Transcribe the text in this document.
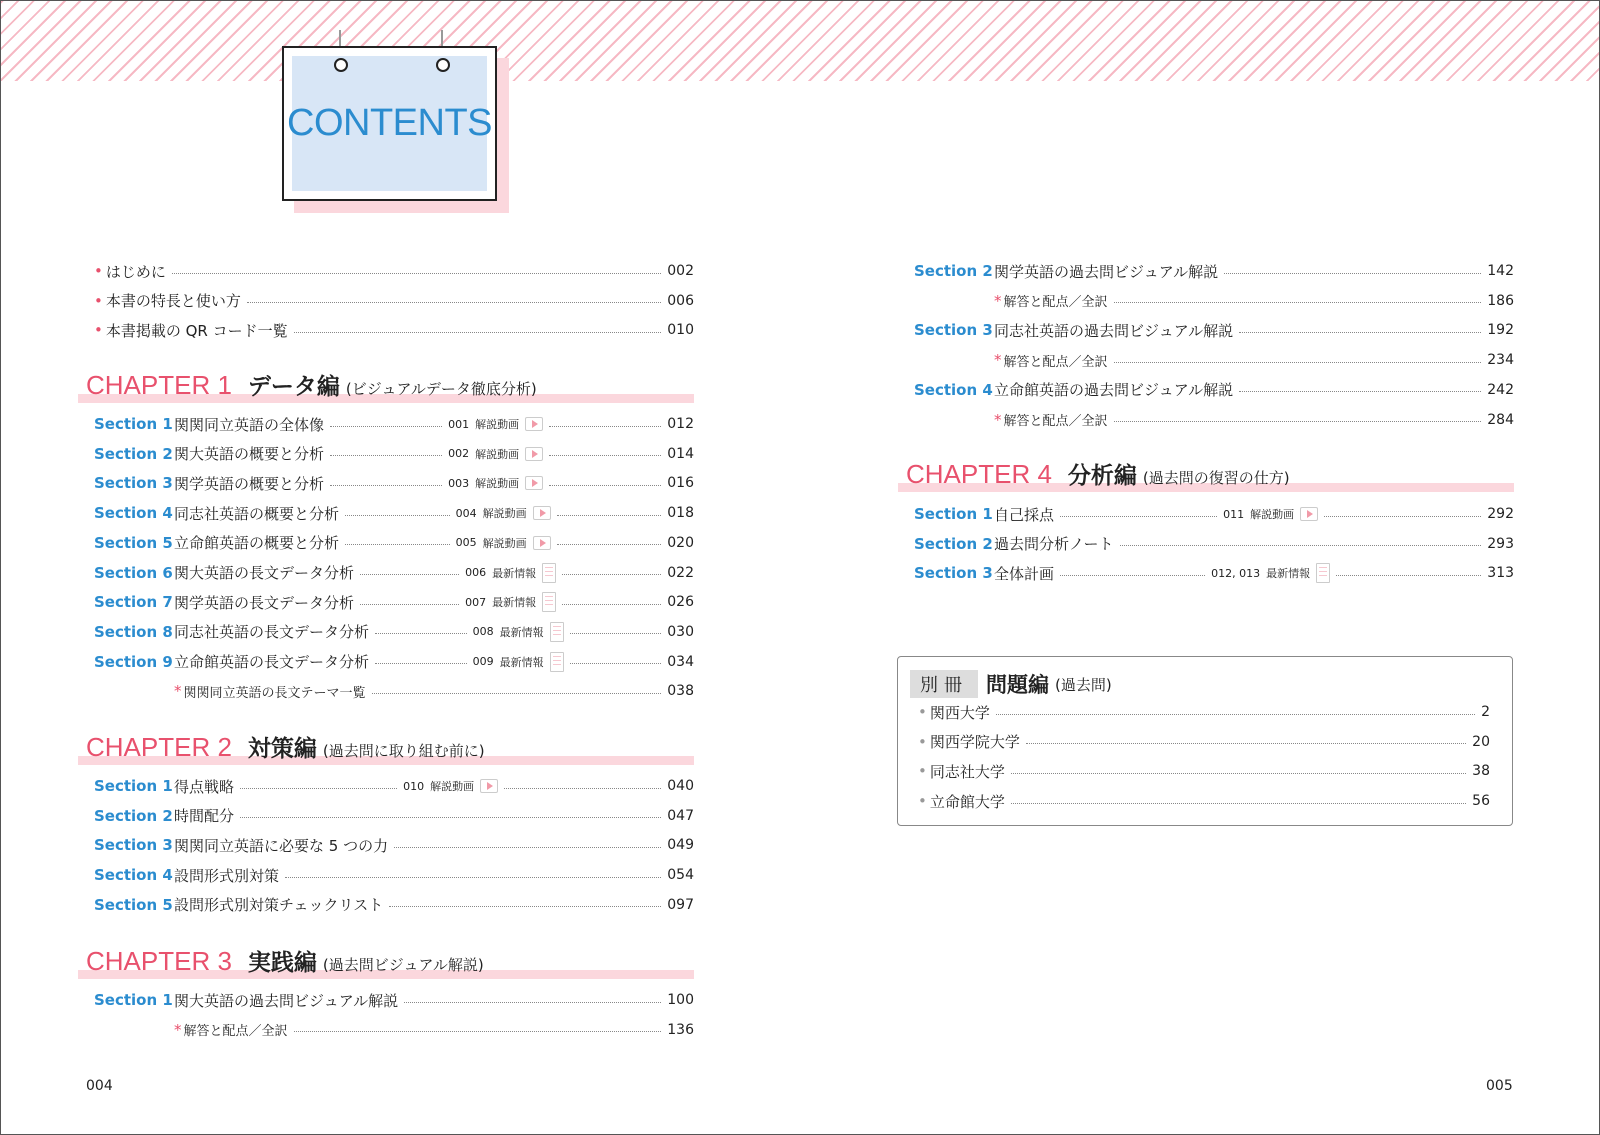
CONTENTS
• はじめに	002
• 本書の特長と使い方	006
• 本書掲載の QR コード一覧	010
CHAPTER 1 データ編 (ビジュアルデータ徹底分析)
Section 1 関関同立英語の全体像	001 解説動画	012
Section 2 関大英語の概要と分析	002 解説動画	014
Section 3 関学英語の概要と分析	003 解説動画	016
Section 4 同志社英語の概要と分析	004 解説動画	018
Section 5 立命館英語の概要と分析	005 解説動画	020
Section 6 関大英語の長文データ分析	006 最新情報	022
Section 7 関学英語の長文データ分析	007 最新情報	026
Section 8 同志社英語の長文データ分析	008 最新情報	030
Section 9 立命館英語の長文データ分析	009 最新情報	034
* 関関同立英語の長文テーマ一覧	038
CHAPTER 2 対策編 (過去問に取り組む前に)
Section 1 得点戦略	010 解説動画	040
Section 2 時間配分	047
Section 3 関関同立英語に必要な 5 つの力	049
Section 4 設問形式別対策	054
Section 5 設問形式別対策チェックリスト	097
CHAPTER 3 実践編 (過去問ビジュアル解説)
Section 1 関大英語の過去問ビジュアル解説	100
* 解答と配点／全訳	136
Section 2 関学英語の過去問ビジュアル解説	142
* 解答と配点／全訳	186
Section 3 同志社英語の過去問ビジュアル解説	192
* 解答と配点／全訳	234
Section 4 立命館英語の過去問ビジュアル解説	242
* 解答と配点／全訳	284
CHAPTER 4 分析編 (過去問の復習の仕方)
Section 1 自己採点	011 解説動画	292
Section 2 過去問分析ノート	293
Section 3 全体計画	012, 013 最新情報	313
別冊 問題編 (過去問)
• 関西大学	2
• 関西学院大学	20
• 同志社大学	38
• 立命館大学	56
004	005
